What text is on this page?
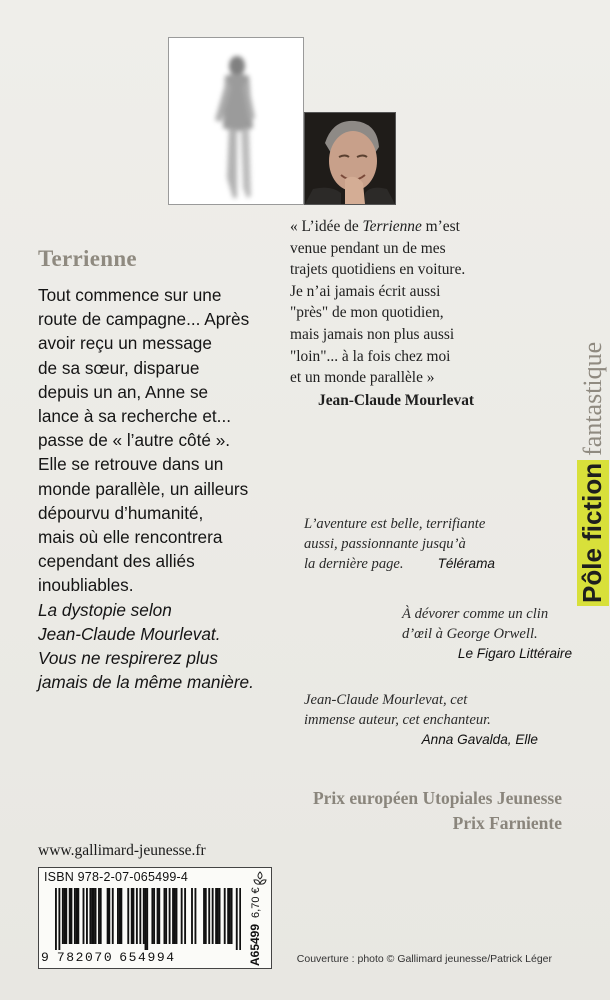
Terrienne

Tout commence sur une

route de campagne... Après

avoir reçu un message

de sa sœur, disparue

depuis un an, Anne se

lance à sa recherche et...

passe de « l’autre côté ».

Elle se retrouve dans un

monde parallèle, un ailleurs

dépourvu d’humanité,

mais où elle rencontrera

cependant des alliés

inoubliables.

La dystopie selon

Jean-Claude Mourlevat.

Vous ne respirerez plus

jamais de la même manière.

« L’idée de Terrienne m’est

venue pendant un de mes

trajets quotidiens en voiture.

Je n’ai jamais écrit aussi

"près" de mon quotidien,

mais jamais non plus aussi

"loin"... à la fois chez moi

et un monde parallèle »

Jean-Claude Mourlevat

Pôle fictionfantastique
L’aventure est belle, terrifiante
aussi, passionnante jusqu’à
la dernière page.	Télérama
À dévorer comme un clin
d’œil à George Orwell.
Le Figaro Littéraire
Jean-Claude Mourlevat, cet
immense auteur, cet enchanteur.
Anna Gavalda, Elle
Prix européen Utopiales Jeunesse
Prix Farniente
www.gallimard-jeunesse.fr
ISBN 978-2-07-065499-4
9 782070 654994	A654996,70 €
Couverture : photo © Gallimard jeunesse/Patrick Léger
